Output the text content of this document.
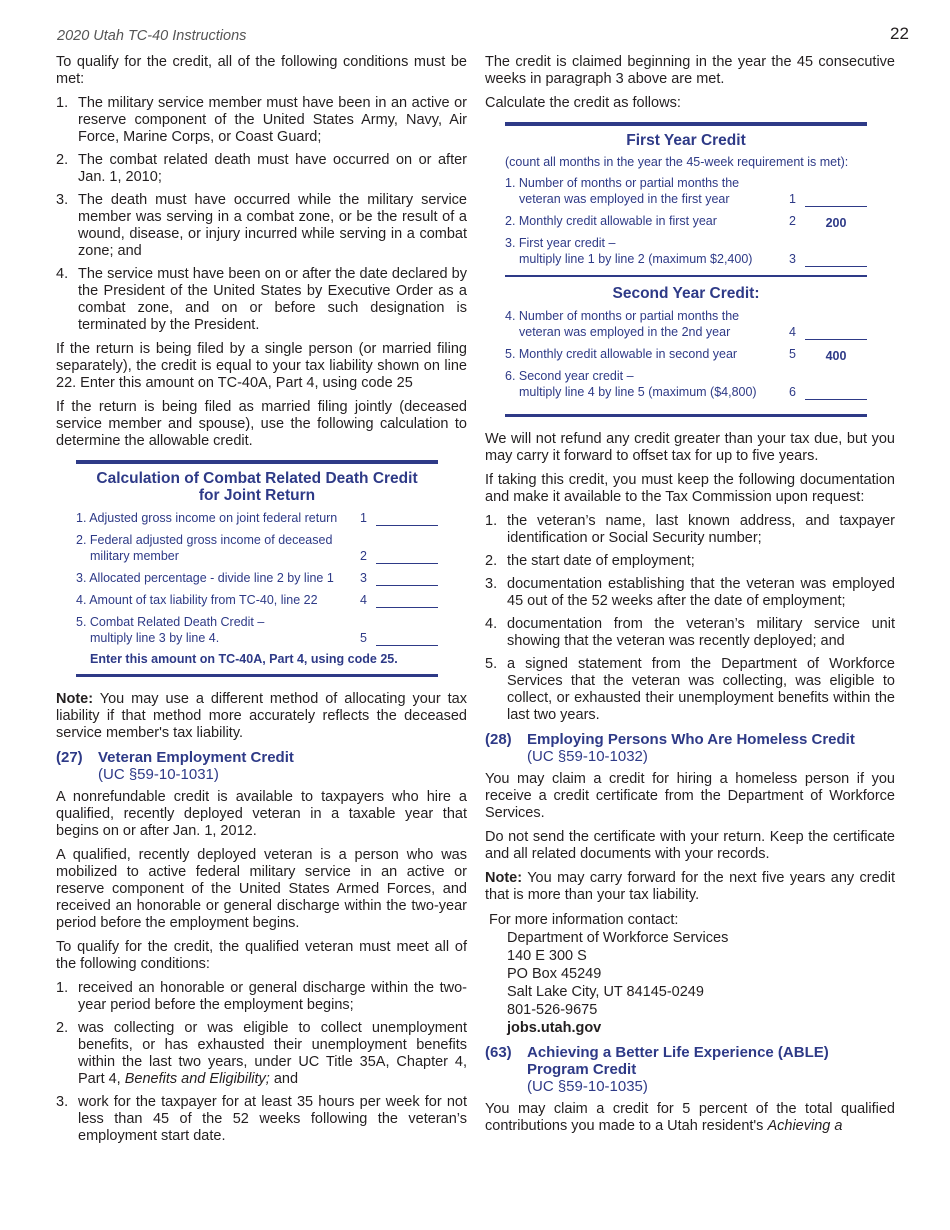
2020 Utah TC-40 Instructions	22

To qualify for the credit, all of the following conditions must be met:

1. The military service member must have been in an active or reserve component of the United States Army, Navy, Air Force, Marine Corps, or Coast Guard;
2. The combat related death must have occurred on or after Jan. 1, 2010;
3. The death must have occurred while the military service member was serving in a combat zone, or be the result of a wound, disease, or injury incurred while serving in a combat zone; and
4. The service must have been on or after the date declared by the President of the United States by Executive Order as a combat zone, and on or before such designation is terminated by the President.

If the return is being filed by a single person (or married filing separately), the credit is equal to your tax liability shown on line 22. Enter this amount on TC-40A, Part 4, using code 25

If the return is being filed as married filing jointly (deceased service member and spouse), use the following calculation to determine the allowable credit.

Calculation of Combat Related Death Credit
for Joint Return
1. Adjusted gross income on joint federal return	1
2. Federal adjusted gross income of deceased
military member	2
3. Allocated percentage - divide line 2 by line 1	3
4. Amount of tax liability from TC-40, line 22	4
5. Combat Related Death Credit –
multiply line 3 by line 4.	5
Enter this amount on TC-40A, Part 4, using code 25.

Note: You may use a different method of allocating your tax liability if that method more accurately reflects the deceased service member's tax liability.

(27)	Veteran Employment Credit
(UC §59-10-1031)

A nonrefundable credit is available to taxpayers who hire a qualified, recently deployed veteran in a taxable year that begins on or after Jan. 1, 2012.

A qualified, recently deployed veteran is a person who was mobilized to active federal military service in an active or reserve component of the United States Armed Forces, and received an honorable or general discharge within the two-year period before the employment begins.

To qualify for the credit, the qualified veteran must meet all of the following conditions:

1. received an honorable or general discharge within the two-year period before the employment begins;
2. was collecting or was eligible to collect unemployment benefits, or has exhausted their unemployment benefits within the last two years, under UC Title 35A, Chapter 4, Part 4, Benefits and Eligibility; and
3. work for the taxpayer for at least 35 hours per week for not less than 45 of the 52 weeks following the veteran’s employment start date.

The credit is claimed beginning in the year the 45 consecutive weeks in paragraph 3 above are met.

Calculate the credit as follows:

First Year Credit
(count all months in the year the 45-week requirement is met):
1. Number of months or partial months the
veteran was employed in the first year	1
2. Monthly credit allowable in first year	2	200
3. First year credit –
multiply line 1 by line 2 (maximum $2,400)	3
Second Year Credit:
4. Number of months or partial months the
veteran was employed in the 2nd year	4
5. Monthly credit allowable in second year	5	400
6. Second year credit –
multiply line 4 by line 5 (maximum ($4,800)	6

We will not refund any credit greater than your tax due, but you may carry it forward to offset tax for up to five years.

If taking this credit, you must keep the following documentation and make it available to the Tax Commission upon request:

1. the veteran’s name, last known address, and taxpayer identification or Social Security number;
2. the start date of employment;
3. documentation establishing that the veteran was employed 45 out of the 52 weeks after the date of employment;
4. documentation from the veteran’s military service unit showing that the veteran was recently deployed; and
5. a signed statement from the Department of Workforce Services that the veteran was collecting, was eligible to collect, or exhausted their unemployment benefits within the last two years.
(28)	Employing Persons Who Are Homeless Credit
(UC §59-10-1032)

You may claim a credit for hiring a homeless person if you receive a credit certificate from the Department of Workforce Services.

Do not send the certificate with your return. Keep the certificate and all related documents with your records.

Note: You may carry forward for the next five years any credit that is more than your tax liability.

For more information contact:
Department of Workforce Services
140 E 300 S
PO Box 45249
Salt Lake City, UT 84145-0249
801-526-9675
jobs.utah.gov
(63)	Achieving a Better Life Experience (ABLE)
Program Credit
(UC §59-10-1035)

You may claim a credit for 5 percent of the total qualified contributions you made to a Utah resident's Achieving a
